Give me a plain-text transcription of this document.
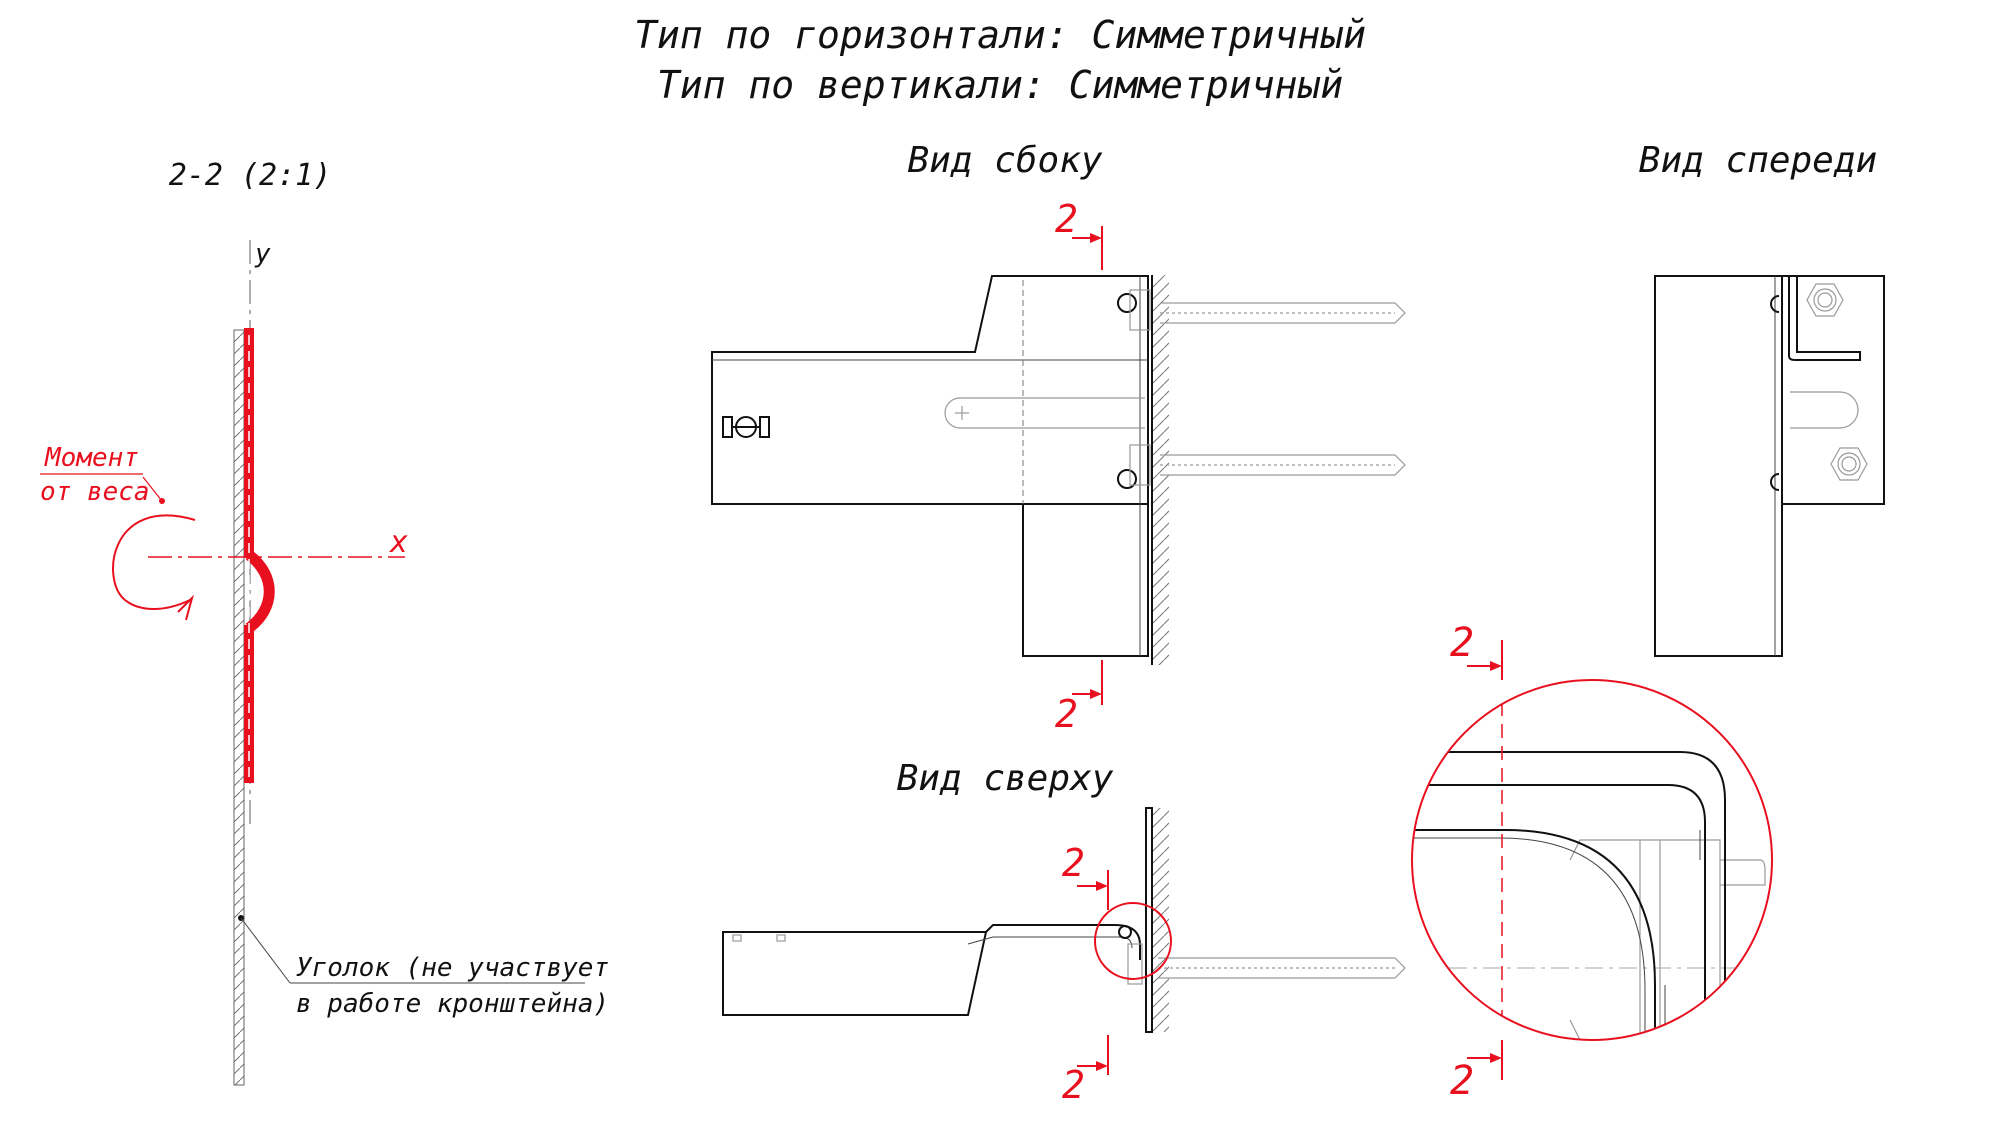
Тип по горизонтали: Симметричный
Тип по вертикали: Симметричный
2-2 (2:1)
y
x
Момент
от веса
Уголок (не участвует
в работе кронштейна)
Вид сбоку
2
2
Вид спереди
Вид сверху
2
2
2
2
